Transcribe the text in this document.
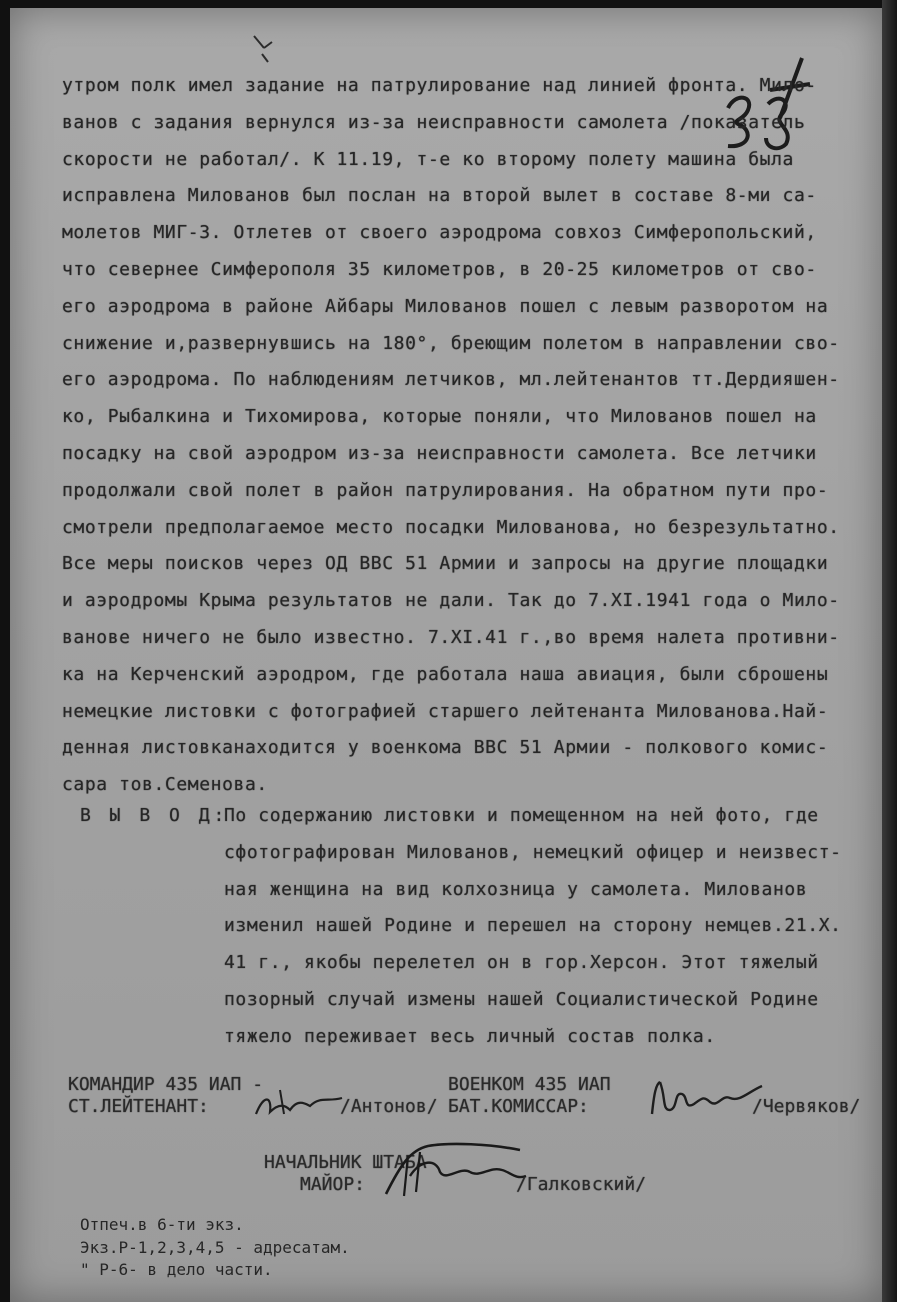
утром полк имел задание на патрулирование над линией фронта. Мило-
ванов с задания вернулся из-за неисправности самолета /показатель
скорости не работал/. К 11.19, т-е ко второму полету машина была
исправлена Милованов был послан на второй вылет в составе 8-ми са-
молетов МИГ-3. Отлетев от своего аэродрома совхоз Симферопольский,
что севернее Симферополя 35 километров, в 20-25 километров от сво-
его аэродрома в районе Айбары Милованов пошел с левым разворотом на
снижение и,развернувшись на 180°, бреющим полетом в направлении сво-
его аэродрома. По наблюдениям летчиков, мл.лейтенантов тт.Дердияшен-
ко, Рыбалкина и Тихомирова, которые поняли, что Милованов пошел на
посадку на свой аэродром из-за неисправности самолета. Все летчики
продолжали свой полет в район патрулирования. На обратном пути про-
смотрели предполагаемое место посадки Милованова, но безрезультатно.
Все меры поисков через ОД ВВС 51 Армии и запросы на другие площадки
и аэродромы Крыма результатов не дали. Так до 7.ХI.1941 года о Мило-
ванове ничего не было известно. 7.ХI.41 г.,во время налета противни-
ка на Керченский аэродром, где работала наша авиация, были сброшены
немецкие листовки с фотографией старшего лейтенанта Милованова.Най-
денная листовканаходится у военкома ВВС 51 Армии - полкового комис-
сара тов.Семенова.
В Ы В О Д:
По содержанию листовки и помещенном на ней фото, где
сфотографирован Милованов, немецкий офицер и неизвест-
ная женщина на вид колхозница у самолета. Милованов
изменил нашей Родине и перешел на сторону немцев.21.Х.
41 г., якобы перелетел он в гор.Херсон. Этот тяжелый
позорный случай измены нашей Социалистической Родине
тяжело переживает весь личный состав полка.
КОМАНДИР 435 ИАП -
СТ.ЛЕЙТЕНАНТ:	/Антонов/
ВОЕНКОМ 435 ИАП
БАТ.КОМИССАР:	/Червяков/
НАЧАЛЬНИК ШТАБА
МАЙОР:	/Галковский/
Отпеч.в 6-ти экз.
Экз.Р-1,2,3,4,5 - адресатам.
" Р-6- в дело части.
